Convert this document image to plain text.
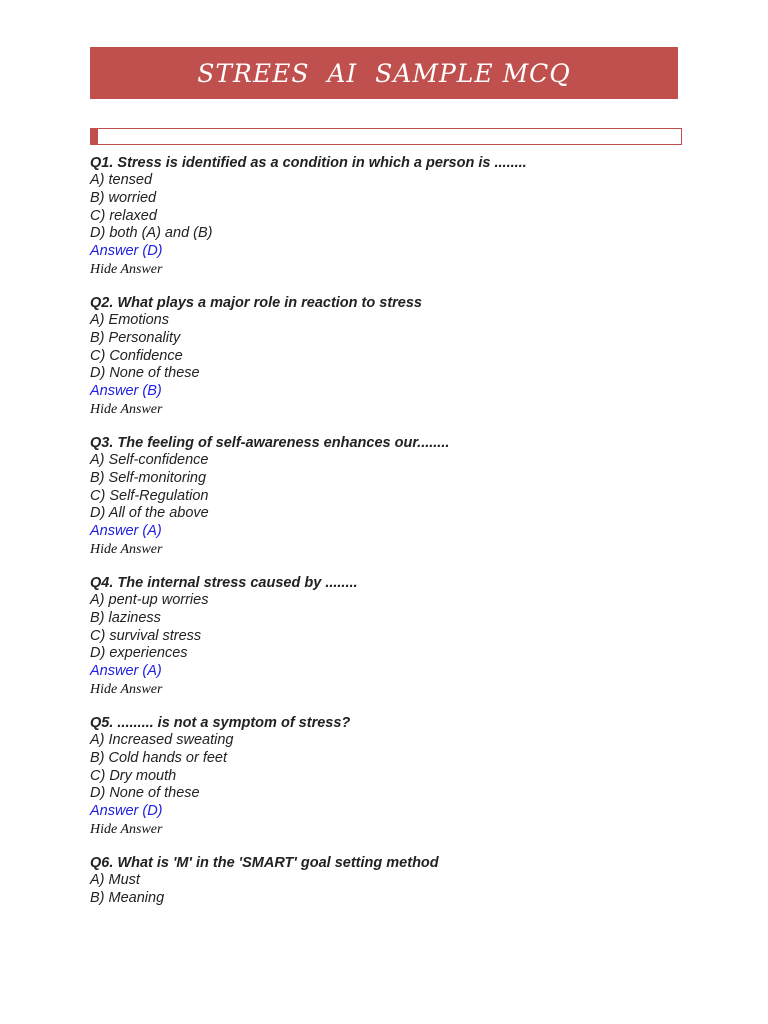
STREES  AI  SAMPLE MCQ
Q1. Stress is identified as a condition in which a person is ........
A) tensed
B) worried
C) relaxed
D) both (A) and (B)
Answer (D)
Hide Answer
Q2. What plays a major role in reaction to stress
A) Emotions
B) Personality
C) Confidence
D) None of these
Answer (B)
Hide Answer
Q3. The feeling of self-awareness enhances our........
A) Self-confidence
B) Self-monitoring
C) Self-Regulation
D) All of the above
Answer (A)
Hide Answer
Q4. The internal stress caused by ........
A) pent-up worries
B) laziness
C) survival stress
D) experiences
Answer (A)
Hide Answer
Q5. ......... is not a symptom of stress?
A) Increased sweating
B) Cold hands or feet
C) Dry mouth
D) None of these
Answer (D)
Hide Answer
Q6. What is 'M' in the 'SMART' goal setting method
A) Must
B) Meaning
